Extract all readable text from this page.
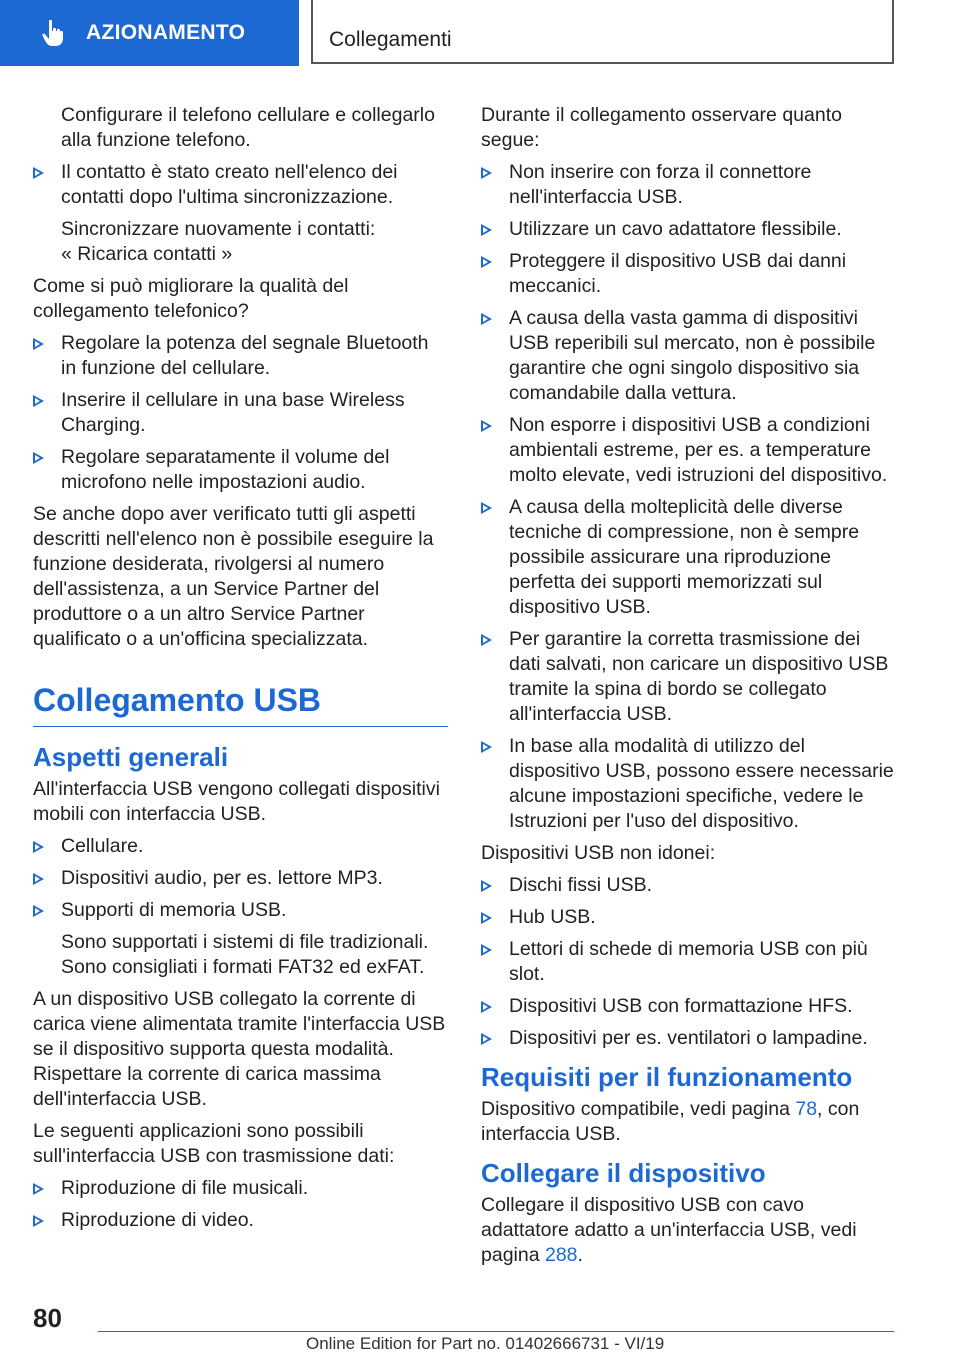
AZIONAMENTO	Collegamenti

Configurare il telefono cellulare e collegarlo alla funzione telefono.

Il contatto è stato creato nell'elenco dei contatti dopo l'ultima sincronizzazione.

Sincronizzare nuovamente i contatti:

« Ricarica contatti »

Come si può migliorare la qualità del collegamento telefonico?

Regolare la potenza del segnale Bluetooth in funzione del cellulare.
Inserire il cellulare in una base Wireless Charging.
Regolare separatamente il volume del microfono nelle impostazioni audio.

Se anche dopo aver verificato tutti gli aspetti descritti nell'elenco non è possibile eseguire la funzione desiderata, rivolgersi al numero dell'assistenza, a un Service Partner del produttore o a un altro Service Partner qualificato o a un'officina specializzata.

Collegamento USB
Aspetti generali

All'interfaccia USB vengono collegati dispositivi mobili con interfaccia USB.

Cellulare.
Dispositivi audio, per es. lettore MP3.
Supporti di memoria USB.

Sono supportati i sistemi di file tradizionali. Sono consigliati i formati FAT32 ed exFAT.

A un dispositivo USB collegato la corrente di carica viene alimentata tramite l'interfaccia USB se il dispositivo supporta questa modalità. Rispettare la corrente di carica massima dell'interfaccia USB.

Le seguenti applicazioni sono possibili sull'interfaccia USB con trasmissione dati:

Riproduzione di file musicali.
Riproduzione di video.

Durante il collegamento osservare quanto segue:

Non inserire con forza il connettore nell'interfaccia USB.
Utilizzare un cavo adattatore flessibile.
Proteggere il dispositivo USB dai danni meccanici.
A causa della vasta gamma di dispositivi USB reperibili sul mercato, non è possibile garantire che ogni singolo dispositivo sia comandabile dalla vettura.
Non esporre i dispositivi USB a condizioni ambientali estreme, per es. a temperature molto elevate, vedi istruzioni del dispositivo.
A causa della molteplicità delle diverse tecniche di compressione, non è sempre possibile assicurare una riproduzione perfetta dei supporti memorizzati sul dispositivo USB.
Per garantire la corretta trasmissione dei dati salvati, non caricare un dispositivo USB tramite la spina di bordo se collegato all'interfaccia USB.
In base alla modalità di utilizzo del dispositivo USB, possono essere necessarie alcune impostazioni specifiche, vedere le Istruzioni per l'uso del dispositivo.

Dispositivi USB non idonei:

Dischi fissi USB.
Hub USB.
Lettori di schede di memoria USB con più slot.
Dispositivi USB con formattazione HFS.
Dispositivi per es. ventilatori o lampadine.
Requisiti per il funzionamento

Dispositivo compatibile, vedi pagina 78, con interfaccia USB.

Collegare il dispositivo

Collegare il dispositivo USB con cavo adattatore adatto a un'interfaccia USB, vedi pagina 288.

80
Online Edition for Part no. 01402666731 - VI/19
